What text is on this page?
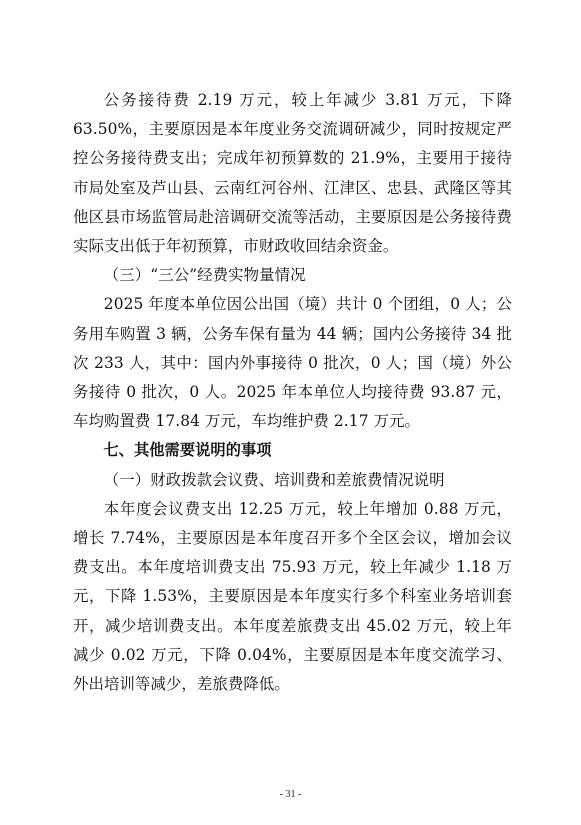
公务接待费 2.19 万元，较上年减少 3.81 万元，下降 63.50%，主要原因是本年度业务交流调研减少，同时按规定严控公务接待费支出；完成年初预算数的 21.9%，主要用于接待市局处室及芦山县、云南红河谷州、江津区、忠县、武隆区等其他区县市场监管局赴涪调研交流等活动，主要原因是公务接待费实际支出低于年初预算，市财政收回结余资金。

（三）“三公”经费实物量情况

2025 年度本单位因公出国（境）共计 0 个团组，0 人；公务用车购置 3 辆，公务车保有量为 44 辆；国内公务接待 34 批次 233 人，其中：国内外事接待 0 批次，0 人；国（境）外公务接待 0 批次，0 人。2025 年本单位人均接待费 93.87 元，车均购置费 17.84 万元，车均维护费 2.17 万元。

七、其他需要说明的事项

（一）财政拨款会议费、培训费和差旅费情况说明

本年度会议费支出 12.25 万元，较上年增加 0.88 万元，增长 7.74%，主要原因是本年度召开多个全区会议，增加会议费支出。本年度培训费支出 75.93 万元，较上年减少 1.18 万元，下降 1.53%，主要原因是本年度实行多个科室业务培训套开，减少培训费支出。本年度差旅费支出 45.02 万元，较上年减少 0.02 万元，下降 0.04%，主要原因是本年度交流学习、外出培训等减少，差旅费降低。

- 31 -
